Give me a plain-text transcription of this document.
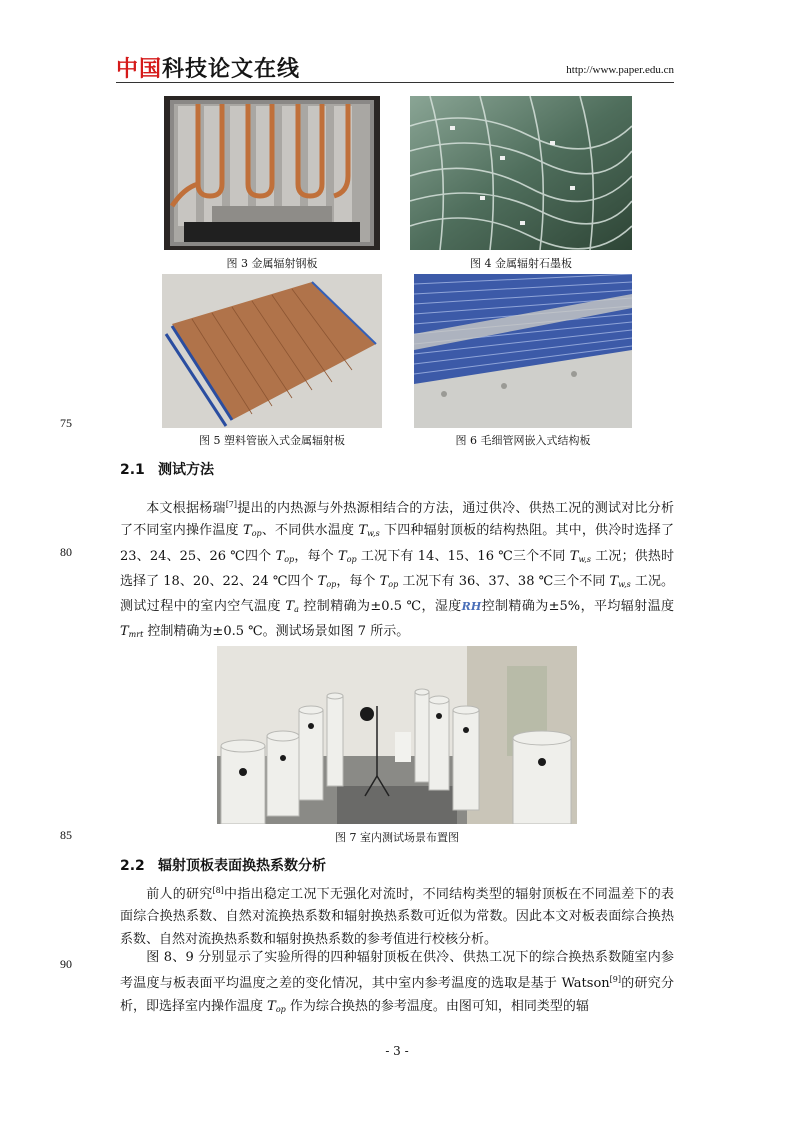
中国科技论文在线	http://www.paper.edu.cn
图 3 金属辐射钢板	图 4 金属辐射石墨板
图 5 塑料管嵌入式金属辐射板	图 6 毛细管网嵌入式结构板
75
2.1 测试方法
本文根据杨瑞[7]提出的内热源与外热源相结合的方法，通过供冷、供热工况的测试对比分析了不同室内操作温度 $T_{op}$、不同供水温度 $T_{w,s}$ 下四种辐射顶板的结构热阻。其中，供冷时选择了 23、24、25、26 ℃四个 $T_{op}$，每个 $T_{op}$ 工况下有 14、15、16 ℃三个不同 $T_{w,s}$ 工况；供热时选择了 18、20、22、24 ℃四个 $T_{op}$，每个 $T_{op}$ 工况下有 36、37、38 ℃三个不同 $T_{w,s}$ 工况。测试过程中的室内空气温度 $T_a$ 控制精确为±0.5 ℃，湿度RH控制精确为±5%，平均辐射温度 $T_{mrt}$ 控制精确为±0.5 ℃。测试场景如图 7 所示。
80
图 7 室内测试场景布置图
85
2.2 辐射顶板表面换热系数分析
前人的研究[8]中指出稳定工况下无强化对流时，不同结构类型的辐射顶板在不同温差下的表面综合换热系数、自然对流换热系数和辐射换热系数可近似为常数。因此本文对板表面综合换热系数、自然对流换热系数和辐射换热系数的参考值进行校核分析。
90	图 8、9 分别显示了实验所得的四种辐射顶板在供冷、供热工况下的综合换热系数随室内参考温度与板表面平均温度之差的变化情况，其中室内参考温度的选取是基于 Watson[9]的研究分析，即选择室内操作温度 $T_{op}$ 作为综合换热的参考温度。由图可知，相同类型的辐
- 3 -
